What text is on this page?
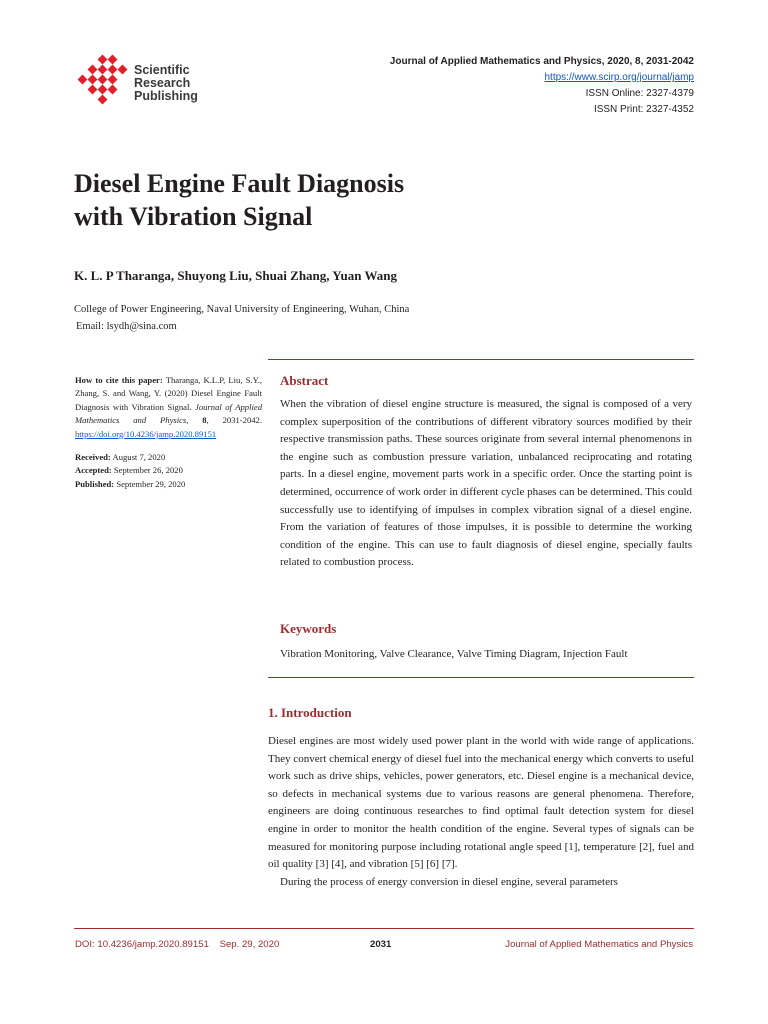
Scientific
Research
Publishing
Journal of Applied Mathematics and Physics, 2020, 8, 2031-2042
https://www.scirp.org/journal/jamp
ISSN Online: 2327-4379
ISSN Print: 2327-4352
Diesel Engine Fault Diagnosis
with Vibration Signal

K. L. P Tharanga, Shuyong Liu, Shuai Zhang, Yuan Wang

College of Power Engineering, Naval University of Engineering, Wuhan, China
Email: lsydh@sina.com
How to cite this paper: Tharanga, K.L.P, Liu, S.Y., Zhang, S. and Wang, Y. (2020) Diesel Engine Fault Diagnosis with Vibration Signal. Journal of Applied Mathematics and Physics, 8, 2031-2042. https://doi.org/10.4236/jamp.2020.89151
Received: August 7, 2020
Accepted: September 26, 2020
Published: September 29, 2020
Abstract

When the vibration of diesel engine structure is measured, the signal is composed of a very complex superposition of the contributions of different vibratory sources modified by their respective transmission paths. These sources originate from several internal phenomenons in the engine such as combustion pressure variation, unbalanced reciprocating and rotating parts. In a diesel engine, movement parts work in a specific order. Once the starting point is determined, occurrence of work order in different cycle phases can be determined. This could successfully use to identifying of impulses in complex vibration signal of a diesel engine. From the variation of features of those impulses, it is possible to determine the working condition of the engine. This can use to fault diagnosis of diesel engine, specially faults related to combustion process.

Keywords
Vibration Monitoring, Valve Clearance, Valve Timing Diagram, Injection Fault
1. Introduction

Diesel engines are most widely used power plant in the world with wide range of applications. They convert chemical energy of diesel fuel into the mechanical energy which converts to useful work such as drive ships, vehicles, power generators, etc. Diesel engine is a mechanical device, so defects in mechanical systems due to various reasons are general phenomena. Therefore, engineers are doing continuous researches to find optimal fault detection system for diesel engine in order to monitor the health condition of the engine. Several types of signals can be measured for monitoring purpose including rotational angle speed [1], temperature [2], fuel and oil quality [3] [4], and vibration [5] [6] [7].

During the process of energy conversion in diesel engine, several parameters

DOI: 10.4236/jamp.2020.89151 Sep. 29, 2020	2031	Journal of Applied Mathematics and Physics
